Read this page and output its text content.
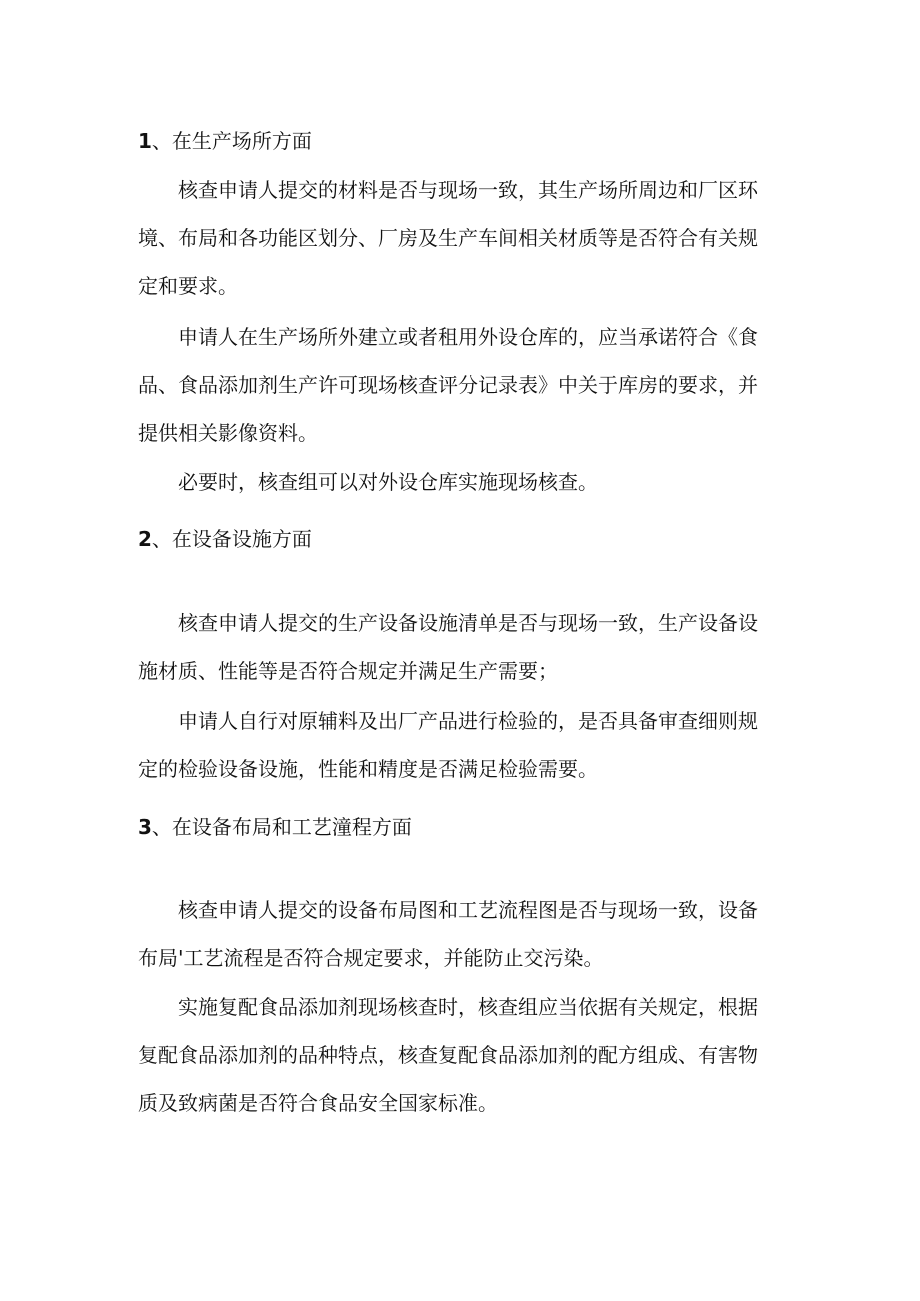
1、在生产场所方面
核查申请人提交的材料是否与现场一致，其生产场所周边和厂区环
境、布局和各功能区划分、厂房及生产车间相关材质等是否符合有关规
定和要求。
申请人在生产场所外建立或者租用外设仓库的，应当承诺符合《食
品、食品添加剂生产许可现场核查评分记录表》中关于库房的要求，并
提供相关影像资料。
必要时，核查组可以对外设仓库实施现场核查。
2、在设备设施方面
核查申请人提交的生产设备设施清单是否与现场一致，生产设备设
施材质、性能等是否符合规定并满足生产需要；
申请人自行对原辅料及出厂产品进行检验的，是否具备审查细则规
定的检验设备设施，性能和精度是否满足检验需要。
3、在设备布局和工艺潼程方面
核查申请人提交的设备布局图和工艺流程图是否与现场一致，设备
布局'工艺流程是否符合规定要求，并能防止交污染。
实施复配食品添加剂现场核查时，核查组应当依据有关规定，根据
复配食品添加剂的品种特点，核查复配食品添加剂的配方组成、有害物
质及致病菌是否符合食品安全国家标准。
